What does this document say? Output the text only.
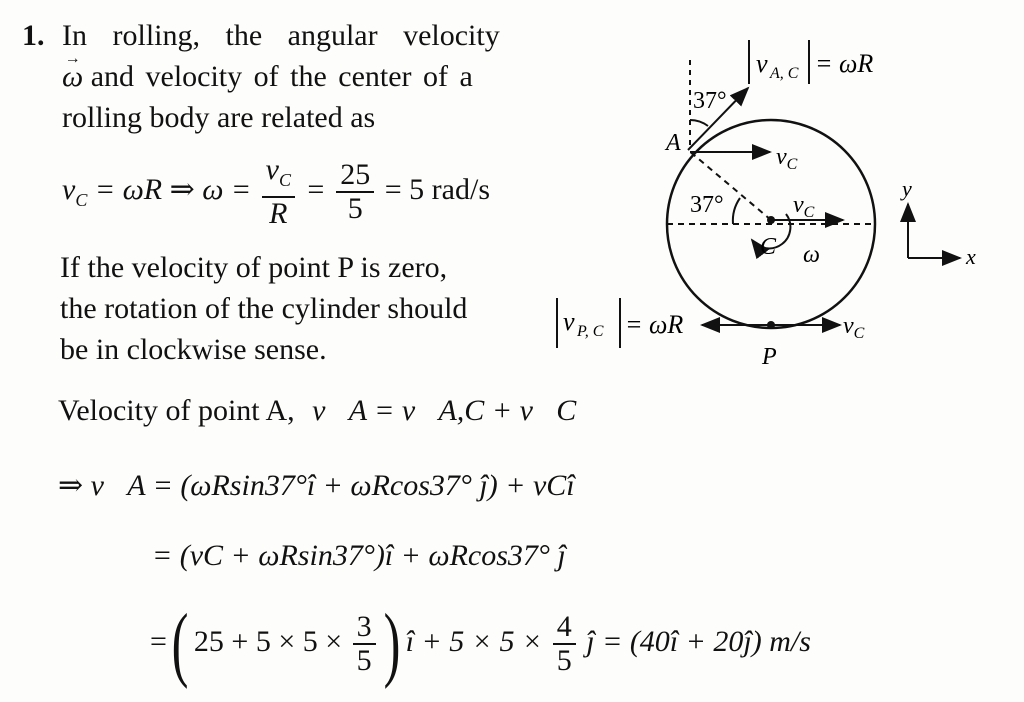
1. In rolling, the angular velocity
→ ω and velocity of the center of a
rolling body are related as
$v_C = \omega R$ ⇒ $\omega = \frac{v_C}{R} = \frac{25}{5} = 5$ rad/s
If the velocity of point P is zero,
the rotation of the cylinder should
be in clockwise sense.
Velocity of point A, v⃗A = v⃗A,C + v⃗C
⇒ v⃗A = (ωRsin37°î + ωRcos37° ĵ) + vCî
= (vC + ωRsin37°)î + ωRcos37° ĵ
= ( $25 + 5 \times 5 \times \frac{3}{5}$ ) î + $5 \times 5 \times \frac{4}{5}$ ĵ = (40î + 20ĵ) m/s
v A, C = ωR
37°
A
$v_C$
37°	$v_C$
C ω
v P, C = ωR	$v_C$
P
y
x
